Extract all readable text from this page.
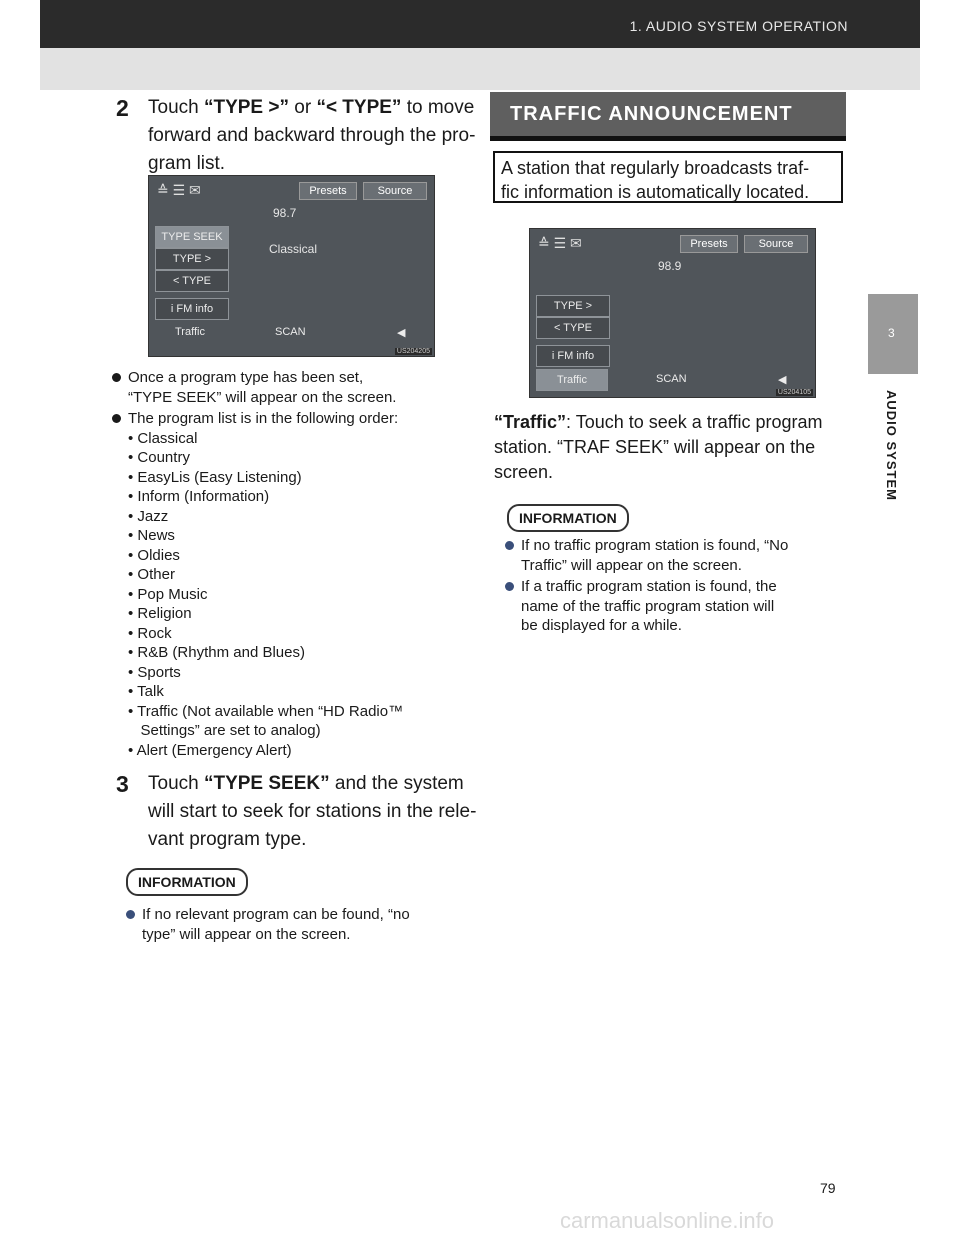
1. AUDIO SYSTEM OPERATION
2 Touch “TYPE >” or “< TYPE” to move
forward and backward through the pro-
gram list.
≙ ☰ ✉	Presets	Source
98.7
Classical
TYPE SEEK
TYPE >
< TYPE
i FM info
Traffic	SCAN	◀
US204205
Once a program type has been set,
“TYPE SEEK” will appear on the screen.
The program list is in the following order:
• Classical
• Country
• EasyLis (Easy Listening)
• Inform (Information)
• Jazz
• News
• Oldies
• Other
• Pop Music
• Religion
• Rock
• R&B (Rhythm and Blues)
• Sports
• Talk
• Traffic (Not available when “HD Radio™
Settings” are set to analog)
• Alert (Emergency Alert)
3 Touch “TYPE SEEK” and the system
will start to seek for stations in the rele-
vant program type.
INFORMATION
If no relevant program can be found, “no
type” will appear on the screen.
TRAFFIC ANNOUNCEMENT
A station that regularly broadcasts traf-
fic information is automatically located.
≙ ☰ ✉	Presets	Source
98.9
TYPE >
< TYPE
i FM info
Traffic	SCAN	◀
US204105
“Traffic”: Touch to seek a traffic program
station. “TRAF SEEK” will appear on the
screen.
INFORMATION
If no traffic program station is found, “No
Traffic” will appear on the screen.
If a traffic program station is found, the
name of the traffic program station will
be displayed for a while.
3
AUDIO SYSTEM
79
carmanualsonline.info
